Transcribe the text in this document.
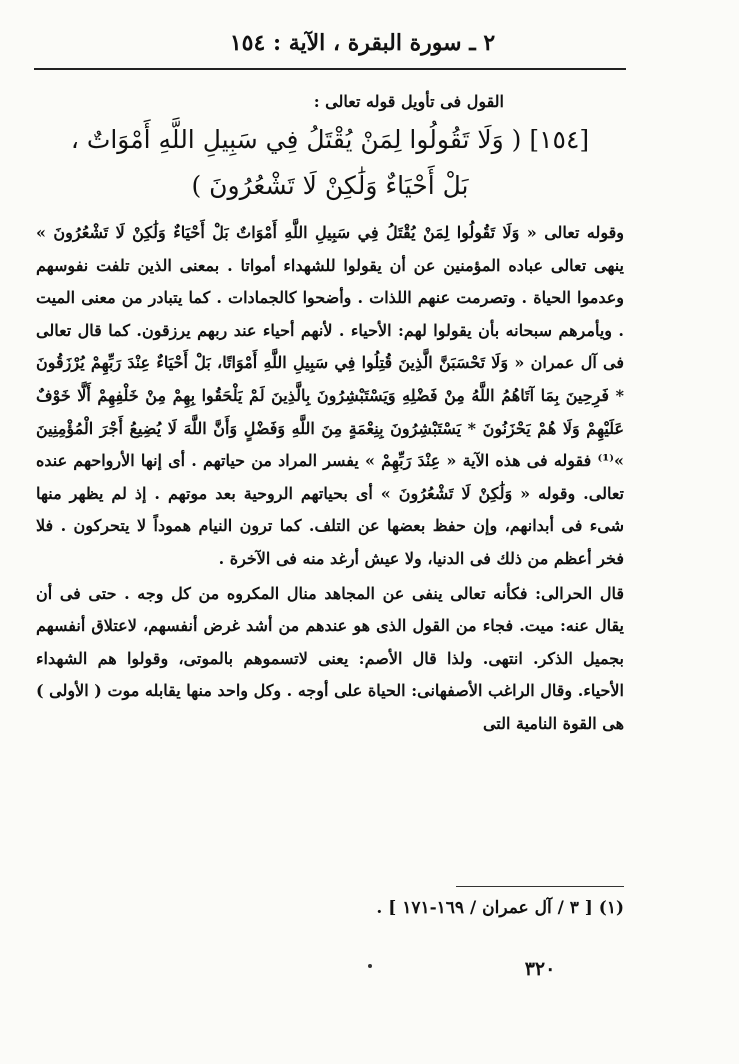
٢ ـ سورة البقرة ، الآية : ١٥٤

القول فى تأويل قوله تعالى :

[١٥٤] ( وَلَا تَقُولُوا لِمَنْ يُقْتَلُ فِي سَبِيلِ اللَّهِ أَمْوَاتٌ ،

بَلْ أَحْيَاءٌ وَلَٰكِنْ لَا تَشْعُرُونَ )

وقوله تعالى « وَلَا تَقُولُوا لِمَنْ يُقْتَلُ فِي سَبِيلِ اللَّهِ أَمْوَاتٌ بَلْ أَحْيَاءٌ وَلَٰكِنْ لَا تَشْعُرُونَ » ينهى تعالى عباده المؤمنين عن أن يقولوا للشهداء أمواتا . بمعنى الذين تلفت نفوسهم وعدموا الحياة . وتصرمت عنهم اللذات . وأضحوا كالجمادات . كما يتبادر من معنى الميت . ويأمرهم سبحانه بأن يقولوا لهم: الأحياء . لأنهم أحياء عند ربهم يرزقون. كما قال تعالى فى آل عمران « وَلَا تَحْسَبَنَّ الَّذِينَ قُتِلُوا فِي سَبِيلِ اللَّهِ أَمْوَاتًا، بَلْ أَحْيَاءٌ عِنْدَ رَبِّهِمْ يُرْزَقُونَ * فَرِحِينَ بِمَا آتَاهُمُ اللَّهُ مِنْ فَضْلِهِ وَيَسْتَبْشِرُونَ بِالَّذِينَ لَمْ يَلْحَقُوا بِهِمْ مِنْ خَلْفِهِمْ أَلَّا خَوْفٌ عَلَيْهِمْ وَلَا هُمْ يَحْزَنُونَ * يَسْتَبْشِرُونَ بِنِعْمَةٍ مِنَ اللَّهِ وَفَضْلٍ وَأَنَّ اللَّهَ لَا يُضِيعُ أَجْرَ الْمُؤْمِنِينَ »⁽¹⁾ فقوله فى هذه الآية « عِنْدَ رَبِّهِمْ » يفسر المراد من حياتهم . أى إنها الأرواحهم عنده تعالى. وقوله « وَلَٰكِنْ لَا تَشْعُرُونَ » أى بحياتهم الروحية بعد موتهم . إذ لم يظهر منها شىء فى أبدانهم، وإن حفظ بعضها عن التلف. كما ترون النيام هموداً لا يتحركون . فلا فخر أعظم من ذلك فى الدنيا، ولا عيش أرغد منه فى الآخرة .

قال الحرالى: فكأنه تعالى ينفى عن المجاهد منال المكروه من كل وجه . حتى فى أن يقال عنه: ميت. فجاء من القول الذى هو عندهم من أشد غرض أنفسهم، لاعتلاق أنفسهم بجميل الذكر. انتهى. ولذا قال الأصم: يعنى لاتسموهم بالموتى، وقولوا هم الشهداء الأحياء. وقال الراغب الأصفهانى: الحياة على أوجه . وكل واحد منها يقابله موت ( الأولى ) هى القوة النامية التى

(١) [ ٣ / آل عمران / ١٦٩-١٧١ ] .
٣٢٠
